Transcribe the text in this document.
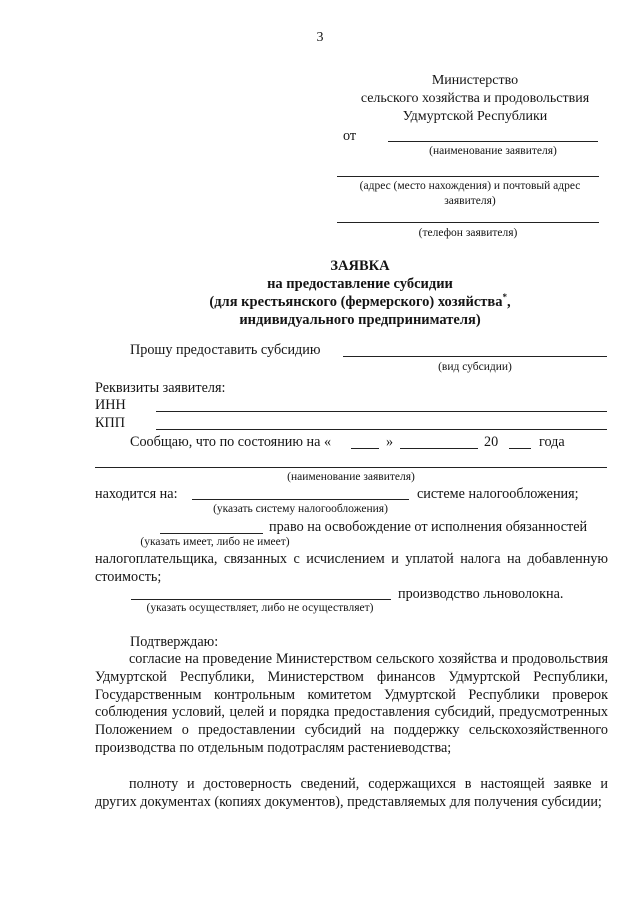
3
Министерство
сельского хозяйства и продовольствия
Удмуртской Республики
от
(наименование заявителя)
(адрес (место нахождения) и почтовый адрес
заявителя)
(телефон заявителя)
ЗАЯВКА
на предоставление субсидии
(для крестьянского (фермерского) хозяйства*,
индивидуального предпринимателя)
Прошу предоставить субсидию
(вид субсидии)
Реквизиты заявителя:
ИНН
КПП
Сообщаю, что по состоянию на «	»	20	года
(наименование заявителя)
находится на:	системе налогообложения;
(указать систему налогообложения)
право на освобождение от исполнения обязанностей
(указать имеет, либо не имеет)
налогоплательщика, связанных с исчислением и уплатой налога на добавленную стоимость;
производство льноволокна.
(указать осуществляет, либо не осуществляет)
Подтверждаю:
согласие на проведение Министерством сельского хозяйства и продовольствия Удмуртской Республики, Министерством финансов Удмуртской Республики, Государственным контрольным комитетом Удмуртской Республики проверок соблюдения условий, целей и порядка предоставления субсидий, предусмотренных Положением о предоставлении субсидий на поддержку сельскохозяйственного производства по отдельным подотраслям растениеводства;
полноту и достоверность сведений, содержащихся в настоящей заявке и других документах (копиях документов), представляемых для получения субсидии;
